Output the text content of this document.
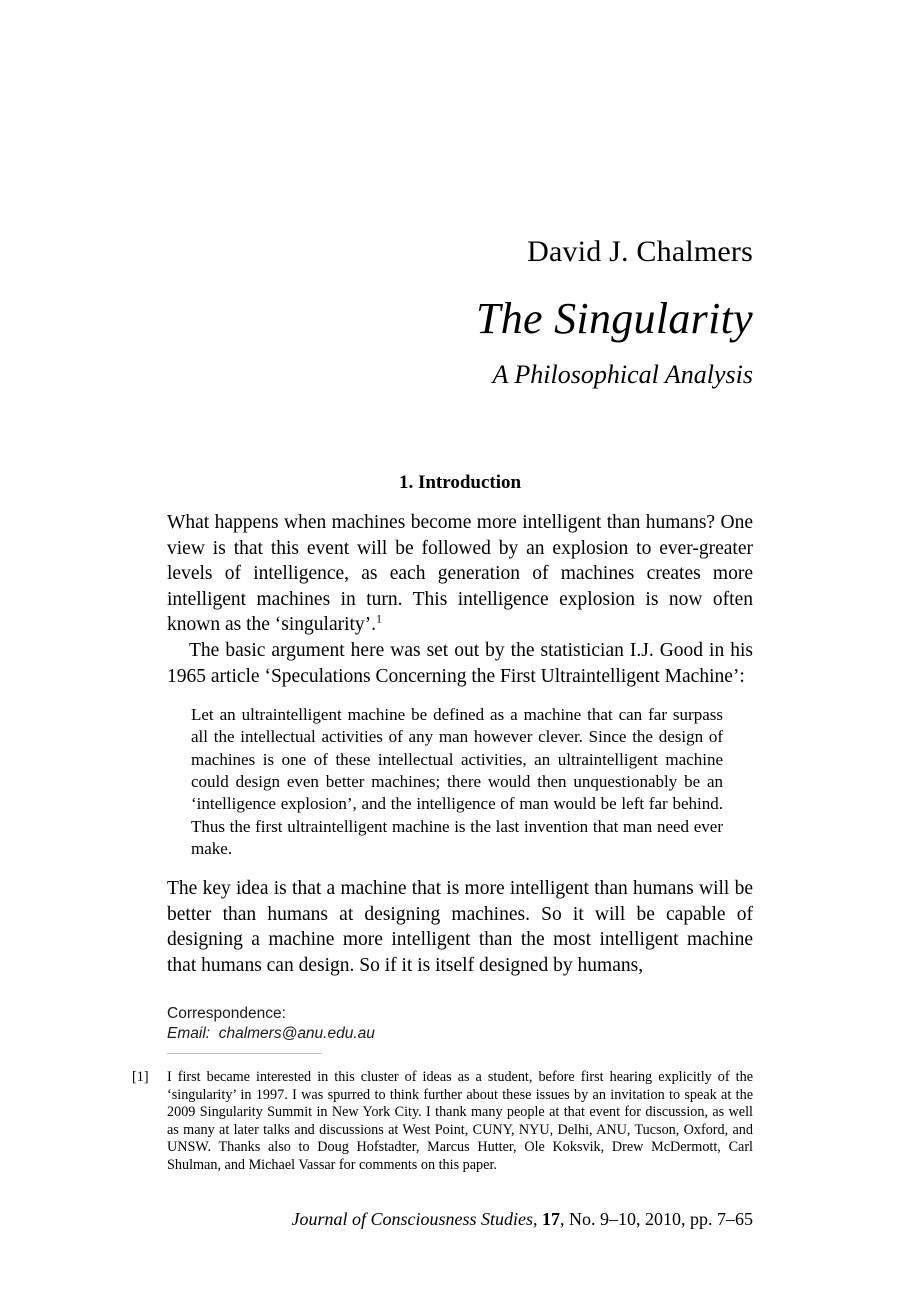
David J. Chalmers
The Singularity
A Philosophical Analysis
1. Introduction

What happens when machines become more intelligent than humans? One view is that this event will be followed by an explosion to ever-greater levels of intelligence, as each generation of machines creates more intelligent machines in turn. This intelligence explosion is now often known as the ‘singularity’.$^1$

The basic argument here was set out by the statistician I.J. Good in his 1965 article ‘Speculations Concerning the First Ultraintelligent Machine’:

Let an ultraintelligent machine be defined as a machine that can far surpass all the intellectual activities of any man however clever. Since the design of machines is one of these intellectual activities, an ultraintelligent machine could design even better machines; there would then unquestionably be an ‘intelligence explosion’, and the intelligence of man would be left far behind. Thus the first ultraintelligent machine is the last invention that man need ever make.

The key idea is that a machine that is more intelligent than humans will be better than humans at designing machines. So it will be capable of designing a machine more intelligent than the most intelligent machine that humans can design. So if it is itself designed by humans,

Correspondence:
Email: chalmers@anu.edu.au
[1]	I first became interested in this cluster of ideas as a student, before first hearing explicitly of the ‘singularity’ in 1997. I was spurred to think further about these issues by an invitation to speak at the 2009 Singularity Summit in New York City. I thank many people at that event for discussion, as well as many at later talks and discussions at West Point, CUNY, NYU, Delhi, ANU, Tucson, Oxford, and UNSW. Thanks also to Doug Hofstadter, Marcus Hutter, Ole Koksvik, Drew McDermott, Carl Shulman, and Michael Vassar for comments on this paper.
Journal of Consciousness Studies, 17, No. 9–10, 2010, pp. 7–65
